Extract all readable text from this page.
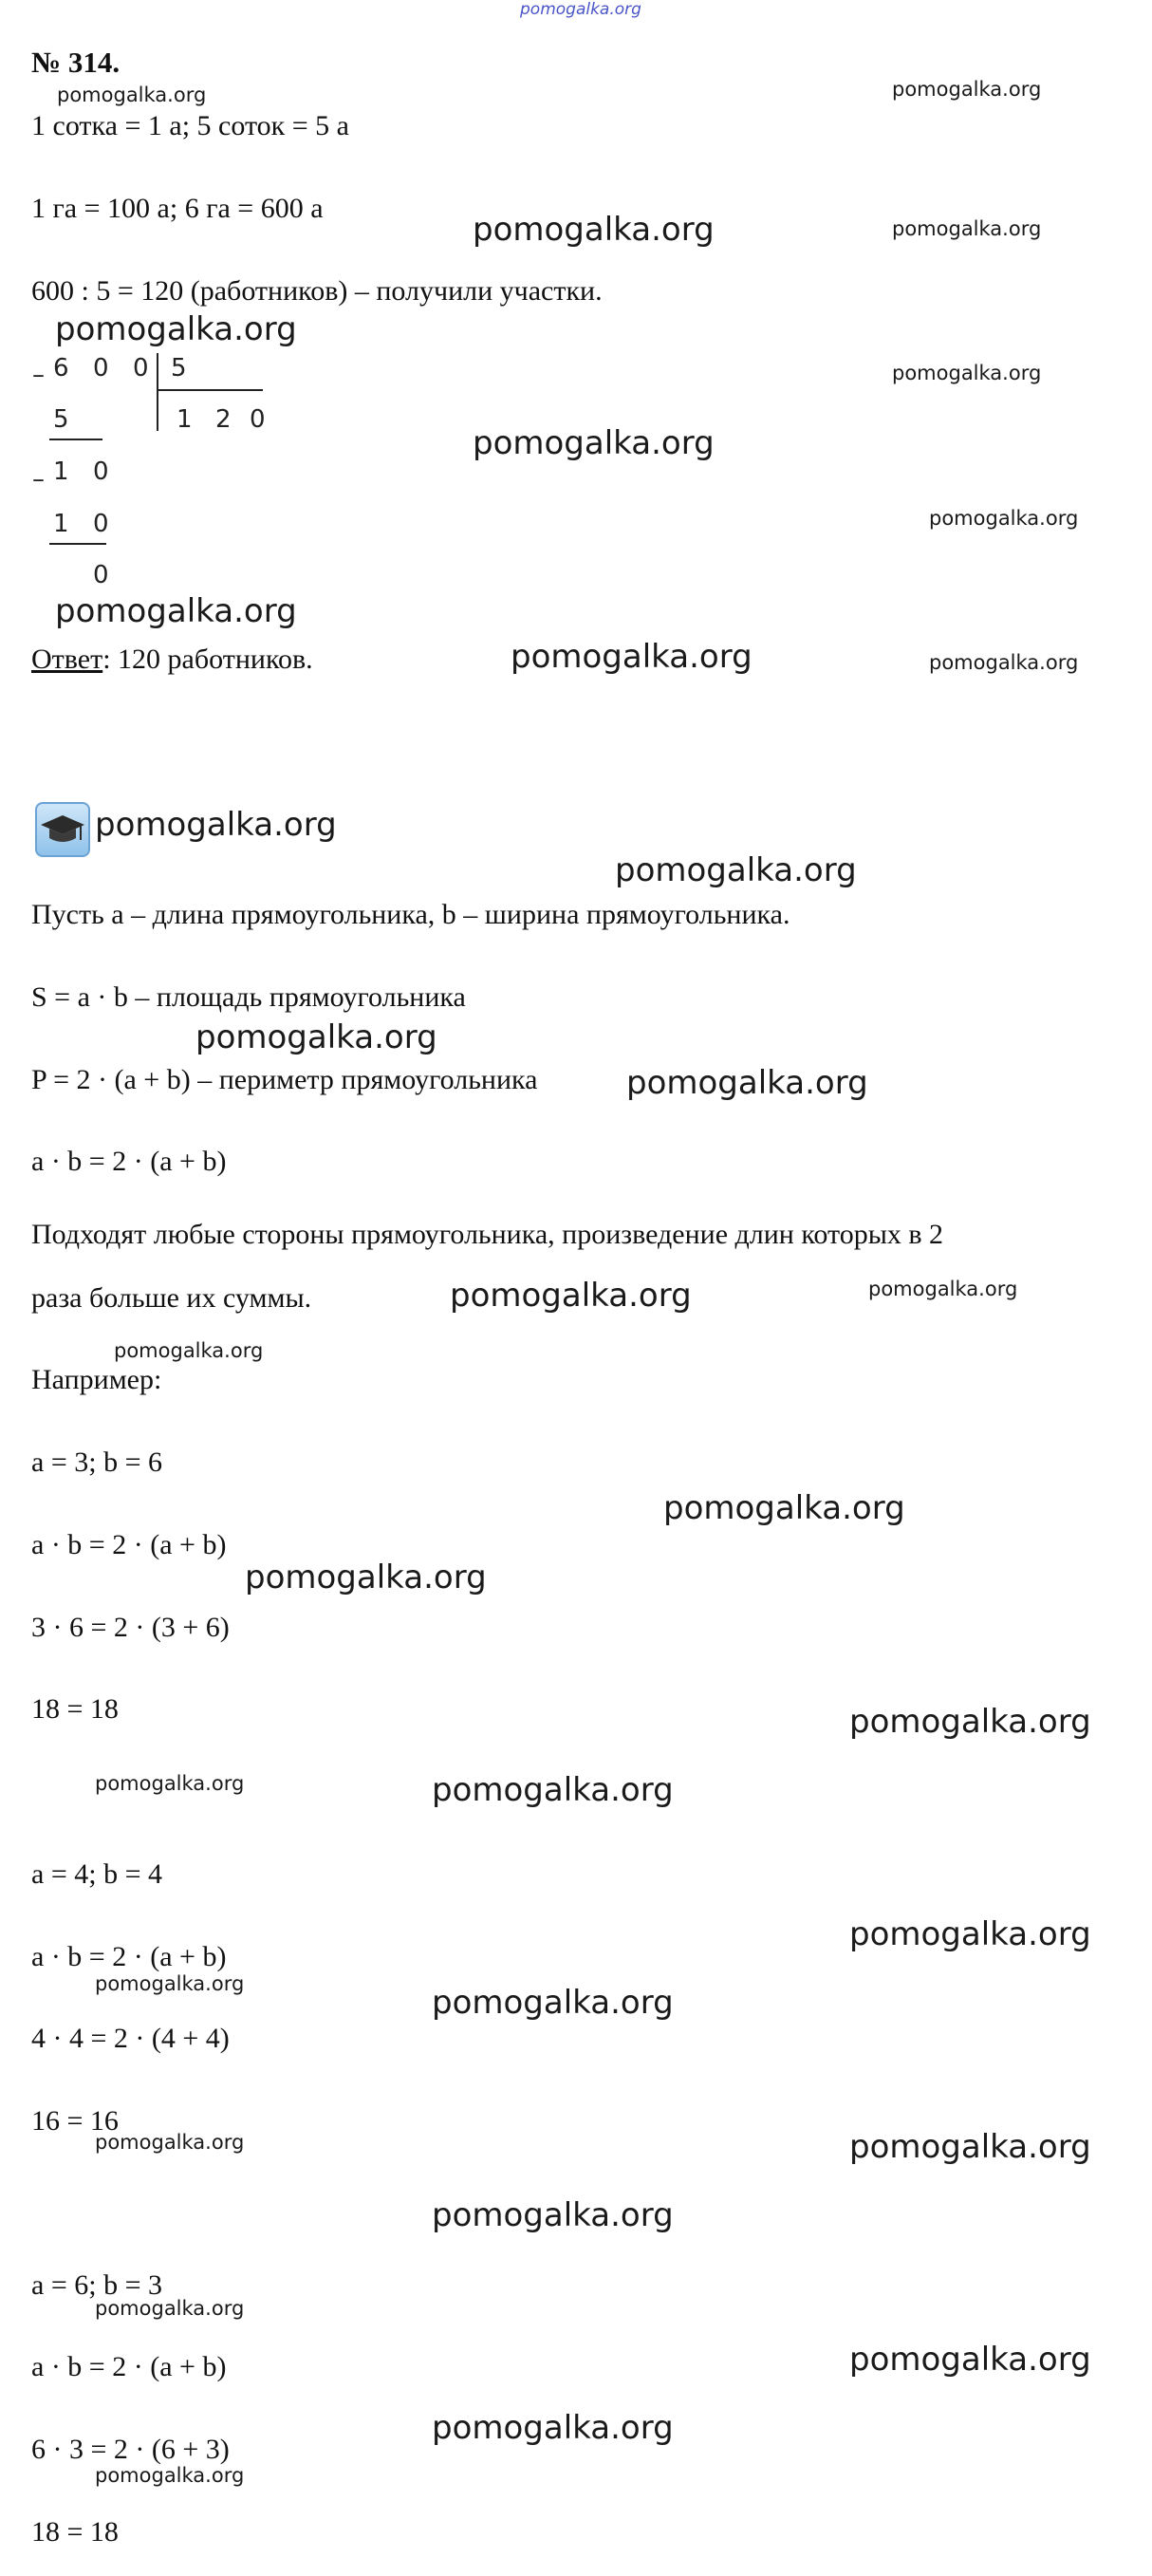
pomogalka.org
№ 314.
1 сотка = 1 а; 5 соток = 5 а
1 га = 100 а; 6 га = 600 а
600 : 5 = 120 (работников) – получили участки.
– 6 0 0 5
5	1 2 0
– 1 0
1 0
0
Ответ: 120 работников.
pomogalka.org
Пусть а – длина прямоугольника, b – ширина прямоугольника.
S = a · b – площадь прямоугольника
P = 2 · (a + b) – периметр прямоугольника
a · b = 2 · (a + b)
Подходят любые стороны прямоугольника, произведение длин которых в 2
раза больше их суммы.
Например:
a = 3; b = 6
a · b = 2 · (a + b)
3 · 6 = 2 · (3 + 6)
18 = 18
a = 4; b = 4
a · b = 2 · (a + b)
4 · 4 = 2 · (4 + 4)
16 = 16
a = 6; b = 3
a · b = 2 · (a + b)
6 · 3 = 2 · (6 + 3)
18 = 18
pomogalka.org	pomogalka.org
pomogalka.org	pomogalka.org
pomogalka.org
pomogalka.org
pomogalka.org
pomogalka.org
pomogalka.org
pomogalka.org	pomogalka.org
pomogalka.org
pomogalka.org
pomogalka.org
pomogalka.org	pomogalka.org
pomogalka.org
pomogalka.org
pomogalka.org
pomogalka.org
pomogalka.org	pomogalka.org
pomogalka.org
pomogalka.org	pomogalka.org
pomogalka.org
pomogalka.org
pomogalka.org
pomogalka.org
pomogalka.org
pomogalka.org
pomogalka.org
